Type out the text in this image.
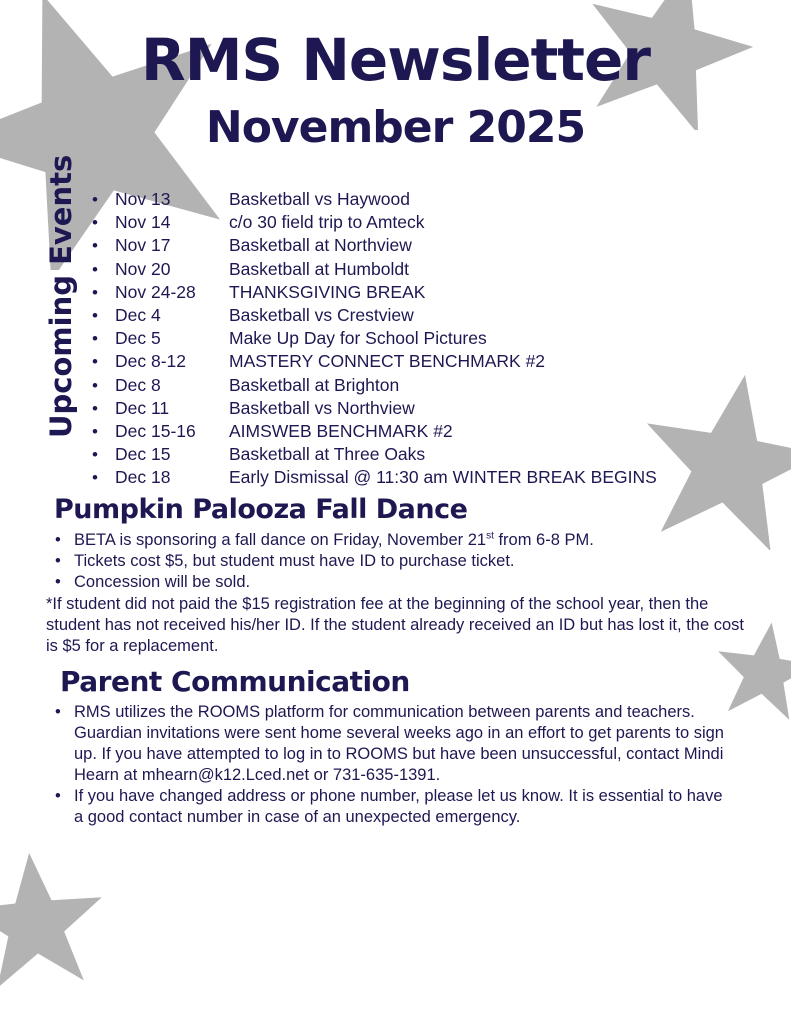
RMS Newsletter
November 2025
Upcoming Events Nov 13	Basketball vs Haywood
Nov 14	c/o 30 field trip to Amteck
Nov 17	Basketball at Northview
Nov 20	Basketball at Humboldt
Nov 24-28 THANKSGIVING BREAK
Dec 4	Basketball vs Crestview
Dec 5	Make Up Day for School Pictures
Dec 8-12 MASTERY CONNECT BENCHMARK #2
Dec 8	Basketball at Brighton
Dec 11	Basketball vs Northview
Dec 15-16 AIMSWEB BENCHMARK #2
Dec 15	Basketball at Three Oaks
Dec 18	Early Dismissal @ 11:30 am WINTER BREAK BEGINS
Pumpkin Palooza Fall Dance
• BETA is sponsoring a fall dance on Friday, November 21st from 6-8 PM.
• Tickets cost $5, but student must have ID to purchase ticket.
• Concession will be sold.

*If student did not paid the $15 registration fee at the beginning of the school year, then the student has not received his/her ID. If the student already received an ID but has lost it, the cost is $5 for a replacement.

Parent Communication
• RMS utilizes the ROOMS platform for communication between parents and teachers. Guardian invitations were sent home several weeks ago in an effort to get parents to sign up. If you have attempted to log in to ROOMS but have been unsuccessful, contact Mindi Hearn at mhearn@k12.Lced.net or 731-635-1391.
• If you have changed address or phone number, please let us know. It is essential to have a good contact number in case of an unexpected emergency.
